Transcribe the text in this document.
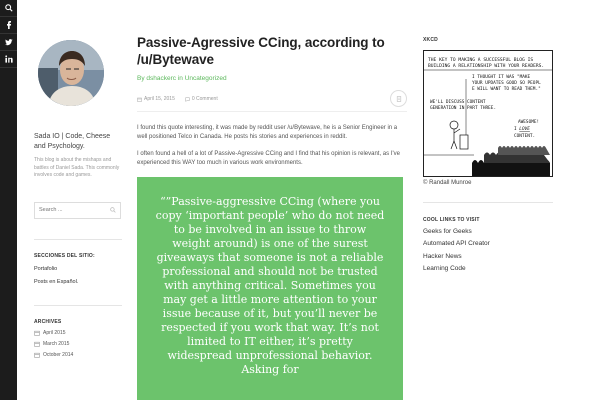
Sada IO | Code, Cheese and Psychology.
This blog is about the mishaps and battles of Daniel Sada. This commonly involves code and games.
Search ...
SECCIONES DEL SITIO:
Portafolio
Posts en Español.
ARCHIVES
April 2015
March 2015
October 2014
Passive-Agressive CCing, according to /u/Bytewave
By dshackerc in Uncategorized
April 15, 2015	0 Comment

I found this quote interesting, it was made by reddit user /u/Bytewave, he is a Senior Engineer in a well positioned Telco in Canada. He posts his stories and experiences in reddit.

I often found a hell of a lot of Passive-Agressive CCing and I find that his opinion is relevant, as I've experienced this WAY too much in various work environments.

“”Passive-aggressive CCing (where you copy ‘important people’ who do not need to be involved in an issue to throw weight around) is one of the surest giveaways that someone is not a reliable professional and should not be trusted with anything critical. Sometimes you may get a little more attention to your issue because of it, but you’ll never be respected if you work that way. It’s not limited to IT either, it’s pretty widespread unprofessional behavior. Asking for
XKCD
THE KEY TO MAKING A SUCCESSFUL BLOG IS
BUILDING A RELATIONSHIP WITH YOUR READERS.
I THOUGHT IT WAS "MAKE
YOUR UPDATES GOOD SO PEOPL
E WILL WANT TO READ THEM."
WE'LL DISCUSS CONTENT
GENERATION IN PART THREE.
AWESOME!
I LOVE
CONTENT.
© Randall Munroe
COOL LINKS TO VISIT
Geeks for Geeks
Automated API Creator
Hacker News
Learning Code
